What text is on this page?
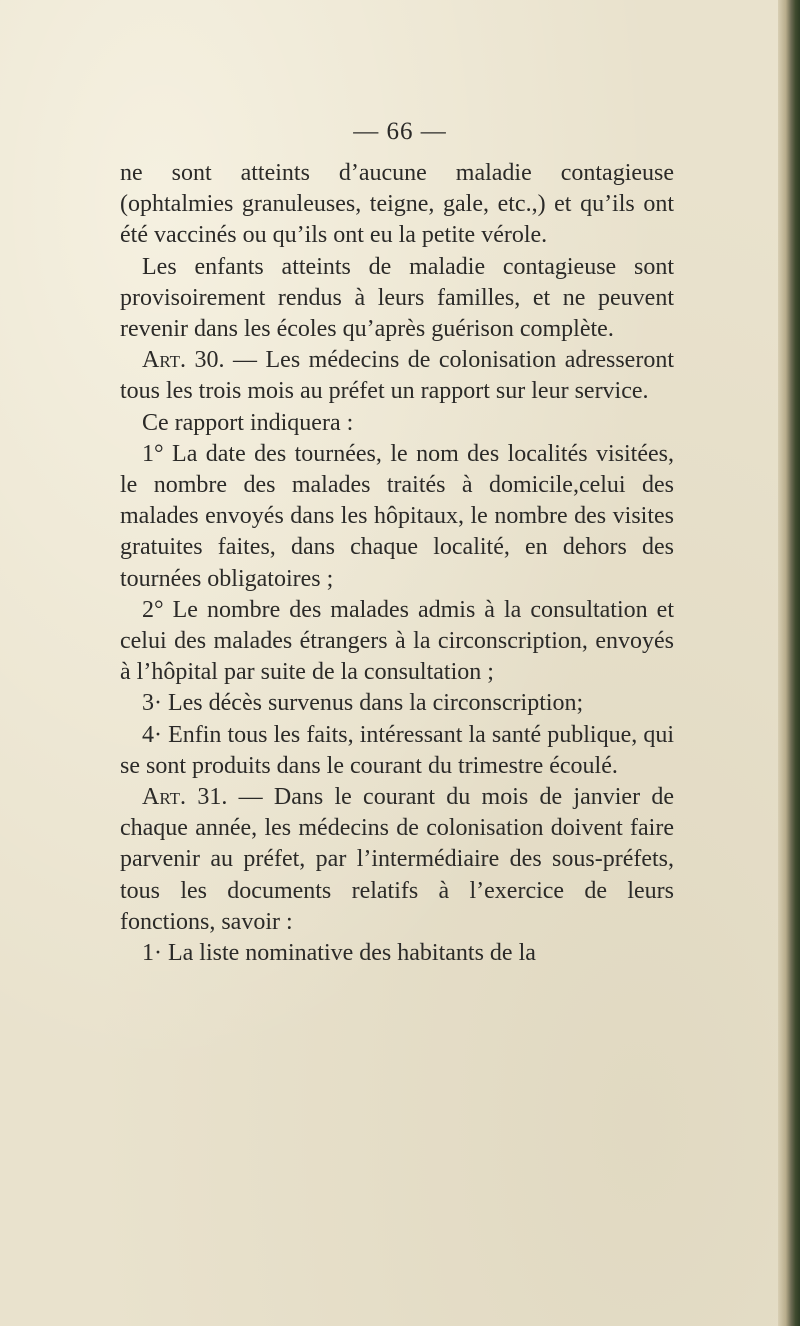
— 66 —

ne sont atteints d’aucune maladie contagieuse (ophtalmies granuleuses, teigne, gale, etc.,) et qu’ils ont été vaccinés ou qu’ils ont eu la petite vérole.

Les enfants atteints de maladie contagieuse sont provisoirement rendus à leurs familles, et ne peuvent revenir dans les écoles qu’après guérison complète.

Art. 30. — Les médecins de colonisation adresseront tous les trois mois au préfet un rapport sur leur service.

Ce rapport indiquera :

1° La date des tournées, le nom des localités visitées, le nombre des malades traités à domicile,celui des malades envoyés dans les hôpitaux, le nombre des visites gratuites faites, dans chaque localité, en dehors des tournées obligatoires ;

2° Le nombre des malades admis à la consultation et celui des malades étrangers à la circonscription, envoyés à l’hôpital par suite de la consultation ;

3· Les décès survenus dans la circonscription;

4· Enfin tous les faits, intéressant la santé publique, qui se sont produits dans le courant du trimestre écoulé.

Art. 31. — Dans le courant du mois de janvier de chaque année, les médecins de colonisation doivent faire parvenir au préfet, par l’intermédiaire des sous-préfets, tous les documents relatifs à l’exercice de leurs fonctions, savoir :

1· La liste nominative des habitants de la
